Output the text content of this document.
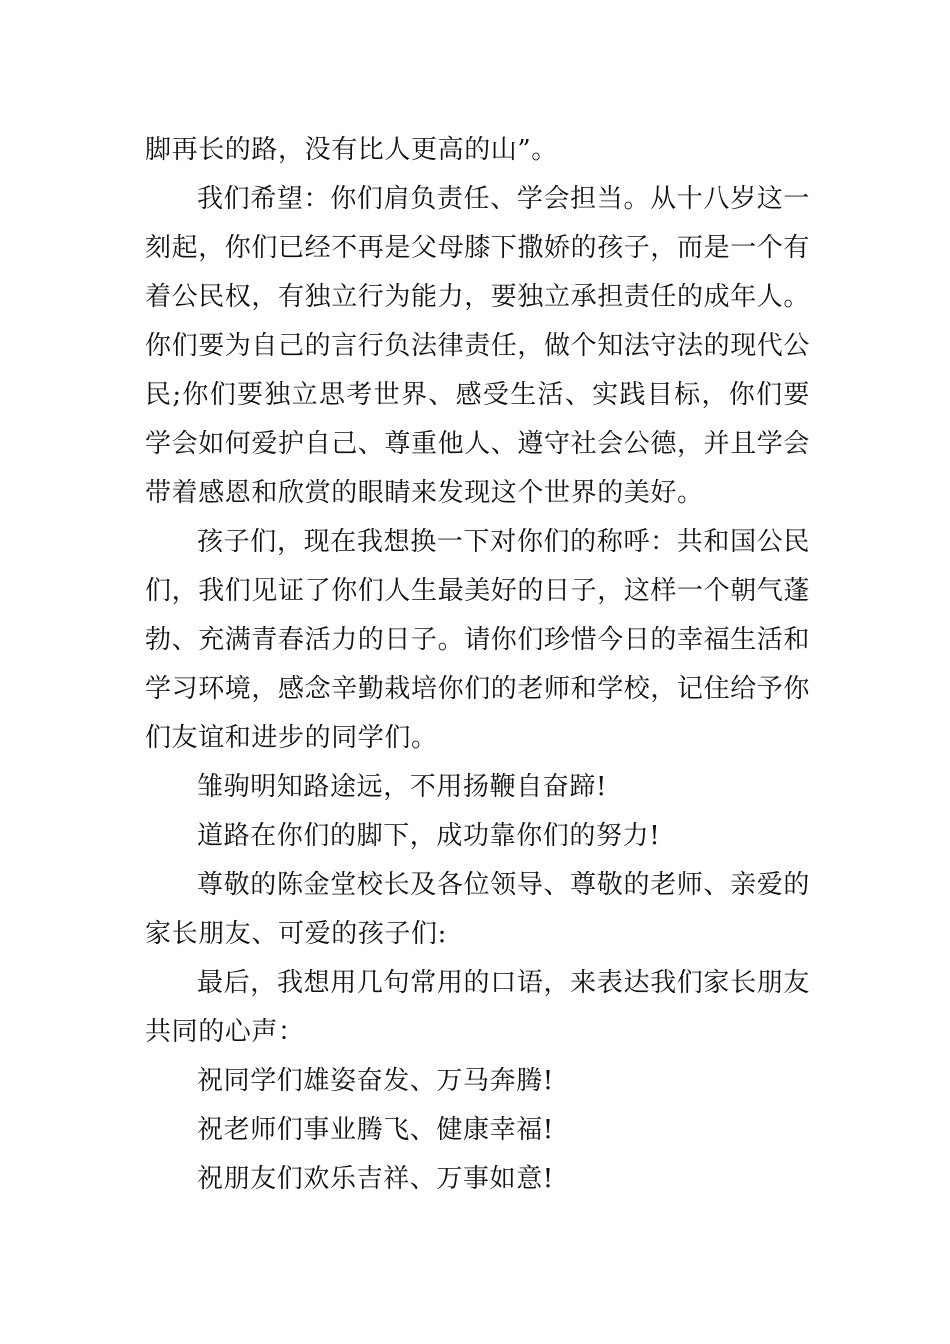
脚再长的路，没有比人更高的山”。

我们希望：你们肩负责任、学会担当。从十八岁这一刻起，你们已经不再是父母膝下撒娇的孩子，而是一个有着公民权，有独立行为能力，要独立承担责任的成年人。你们要为自己的言行负法律责任，做个知法守法的现代公民;你们要独立思考世界、感受生活、实践目标，你们要学会如何爱护自己、尊重他人、遵守社会公德，并且学会带着感恩和欣赏的眼睛来发现这个世界的美好。

孩子们，现在我想换一下对你们的称呼：共和国公民们，我们见证了你们人生最美好的日子，这样一个朝气蓬勃、充满青春活力的日子。请你们珍惜今日的幸福生活和学习环境，感念辛勤栽培你们的老师和学校，记住给予你们友谊和进步的同学们。

雏驹明知路途远，不用扬鞭自奋蹄!

道路在你们的脚下，成功靠你们的努力!

尊敬的陈金堂校长及各位领导、尊敬的老师、亲爱的家长朋友、可爱的孩子们:

最后，我想用几句常用的口语，来表达我们家长朋友共同的心声：

祝同学们雄姿奋发、万马奔腾!

祝老师们事业腾飞、健康幸福!

祝朋友们欢乐吉祥、万事如意!
